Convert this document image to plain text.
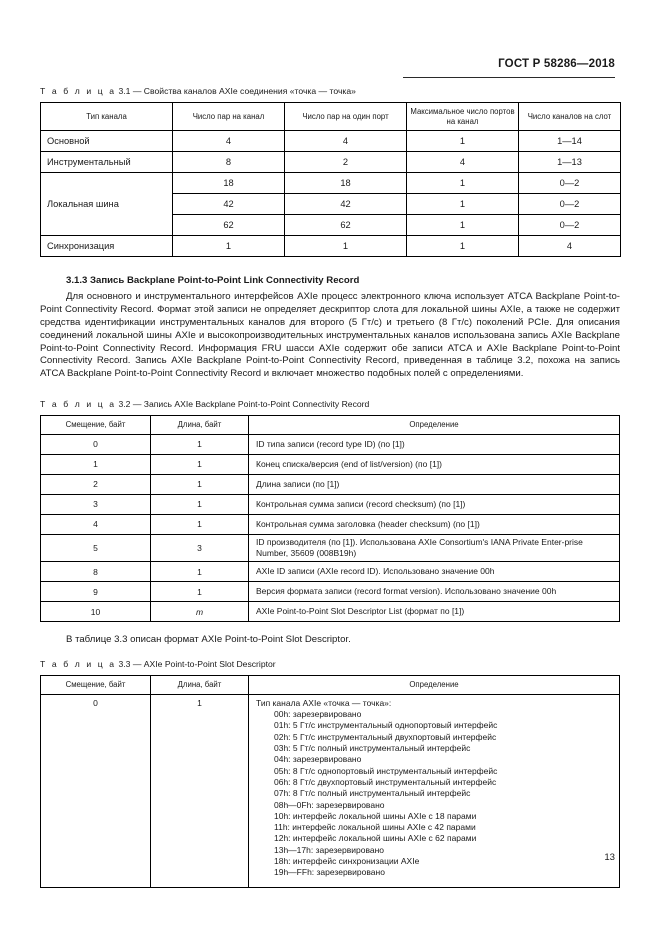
ГОСТ Р 58286—2018

Т а б л и ц а 3.1 — Свойства каналов AXIe соединения «точка — точка»

Тип канала	Число пар на канал	Число пар на один порт	Максимальное число портов на канал	Число каналов на слот
Основной	4	4	1	1—14
Инструментальный	8	2	4	1—13
Локальная шина	18	18	1	0—2
	42	42	1	0—2
	62	62	1	0—2
Синхронизация	1	1	1	4
3.1.3 Запись Backplane Point-to-Point Link Connectivity Record

Для основного и инструментального интерфейсов AXIe процесс электронного ключа использует ATCA Backplane Point-to-Point Connectivity Record. Формат этой записи не определяет дескриптор слота для локальной шины AXIe, а также не содержит средства идентификации инструментальных каналов для второго (5 Гт/с) и третьего (8 Гт/с) поколений PCIe. Для описания соединений локальной шины AXIe и высокопроизводительных инструментальных каналов использована запись AXIe Backplane Point-to-Point Connectivity Record. Информация FRU шасси AXIe содержит обе записи ATCA и AXIe Backplane Point-to-Point Connectivity Record. Запись AXIe Backplane Point-to-Point Connectivity Record, приведенная в таблице 3.2, похожа на запись ATCA Backplane Point-to-Point Connectivity Record и включает множество подобных полей с определениями.

Т а б л и ц а 3.2 — Запись AXIe Backplane Point-to-Point Connectivity Record

Смещение, байт	Длина, байт	Определение
0	1	ID типа записи (record type ID) (по [1])
1	1	Конец списка/версия (end of list/version) (по [1])
2	1	Длина записи (по [1])
3	1	Контрольная сумма записи (record checksum) (по [1])
4	1	Контрольная сумма заголовка (header checksum) (по [1])
5	3	ID производителя (по [1]). Использована AXIe Consortium's IANA Private Enter-prise Number, 35609 (008B19h)
8	1	AXIe ID записи (AXIe record ID). Использовано значение 00h
9	1	Версия формата записи (record format version). Использовано значение 00h
10	m	AXIe Point-to-Point Slot Descriptor List (формат по [1])

В таблице 3.3 описан формат AXIe Point-to-Point Slot Descriptor.

Т а б л и ц а 3.3 — AXIe Point-to-Point Slot Descriptor

Смещение, байт	Длина, байт	Определение
0	1	Тип канала AXIe «точка — точка»:
00h: зарезервировано
01h: 5 Гт/с инструментальный однопортовый интерфейс
02h: 5 Гт/с инструментальный двухпортовый интерфейс
03h: 5 Гт/с полный инструментальный интерфейс
04h: зарезервировано
05h: 8 Гт/с однопортовый инструментальный интерфейс
06h: 8 Гт/с двухпортовый инструментальный интерфейс
07h: 8 Гт/с полный инструментальный интерфейс
08h—0Fh: зарезервировано
10h: интерфейс локальной шины AXIe с 18 парами
11h: интерфейс локальной шины AXIe с 42 парами
12h: интерфейс локальной шины AXIe с 62 парами
13h—17h: зарезервировано
18h: интерфейс синхронизации AXIe
19h—FFh: зарезервировано
13
